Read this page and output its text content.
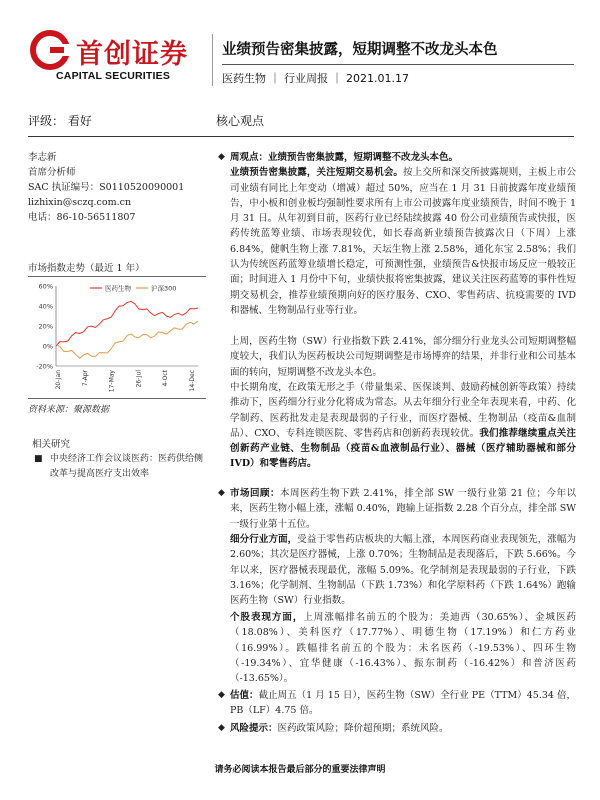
首创证券
CAPITAL SECURITIES
业绩预告密集披露，短期调整不改龙头本色
医药生物 ｜ 行业周报 ｜ 2021.01.17
评级： 看好	核心观点
李志新
首席分析师
SAC 执证编号：S0110520090001
lizhixin@sczq.com.cn
电话：86-10-56511807
市场指数走势（最近 1 年）
60%
40%
20%
0%
-20%
20-Jan	7-Apr	17-May	26-Jul	4-Oct	14-Dec
医药生物	沪深300
资料来源：聚源数据
相关研究
■ 中央经济工作会议谈医药：医药供给侧改革与提高医疗支出效率
◆ 周观点：业绩预告密集披露，短期调整不改龙头本色。
业绩预告密集披露，关注短期交易机会。按上交所和深交所披露规则，主板上市公司业绩有同比上年变动（增减）超过 50%，应当在 1 月 31 日前披露年度业绩预告，中小板和创业板均强制性要求所有上市公司披露年度业绩预告，时间不晚于 1 月 31 日。从年初到目前，医药行业已经陆续披露 40 份公司业绩预告或快报，医药传统蓝筹业绩、市场表现较优，如长春高新业绩预告披露次日（下周）上涨 6.84%，健帆生物上涨 7.81%，天坛生物上涨 2.58%，通化东宝 2.58%；我们认为传统医药蓝筹业绩增长稳定，可预测性强，业绩预告&快报市场反应一般较正面；时间进入 1 月份中下旬，业绩快报将密集披露，建议关注医药蓝筹的事件性短期交易机会，推荐业绩预期向好的医疗服务、CXO、零售药店、抗疫需要的 IVD 和器械、生物制品行业等行业。
上周，医药生物（SW）行业指数下跌 2.41%，部分细分行业龙头公司短期调整幅度较大，我们认为医药板块公司短期调整是市场博弈的结果，并非行业和公司基本面的转向，短期调整不改龙头本色。
中长期角度，在政策无形之手（带量集采、医保谈判、鼓励药械创新等政策）持续推动下，医药细分行业分化将成为常态。从去年细分行业全年表现来看，中药、化学制药、医药批发走是表现最弱的子行业，而医疗器械、生物制品（疫苗&血制品）、CXO、专科连锁医院、零售药店和创新药表现较优。我们推荐继续重点关注创新药产业链、生物制品（疫苗&血液制品行业）、器械（医疗辅助器械和部分 IVD）和零售药店。
◆ 市场回顾：本周医药生物下跌 2.41%，排全部 SW 一级行业第 21 位；今年以来，医药生物小幅上涨，涨幅 0.40%，跑输上证指数 2.28 个百分点，排全部 SW 一级行业第十五位。
细分行业方面，受益于零售药店板块的大幅上涨，本周医药商业表现领先，涨幅为 2.60%；其次是医疗器械，上涨 0.70%；生物制品是表现落后，下跌 5.66%。今年以来，医疗器械表现最优，涨幅 5.09%。化学制剂是表现最弱的子行业，下跌 3.16%；化学制剂、生物制品（下跌 1.73%）和化学原料药（下跌 1.64%）跑输医药生物（SW）行业指数。
个股表现方面，上周涨幅排名前五的个股为：美迪西（30.65%）、金城医药（18.08%）、美科医疗（17.77%）、明德生物（17.19%）和仁方药业（16.99%）。跌幅排名前五的个股为：未名医药（-19.53%）、四环生物（-19.34%）、宜华健康（-16.43%）、振东制药（-16.42%）和普济医药（-13.65%）。
◆ 估值：截止周五（1 月 15 日），医药生物（SW）全行业 PE（TTM）45.34 倍，PB（LF）4.75 倍。
◆ 风险提示：医药政策风险；降价超预期；系统风险。
请务必阅读本报告最后部分的重要法律声明
